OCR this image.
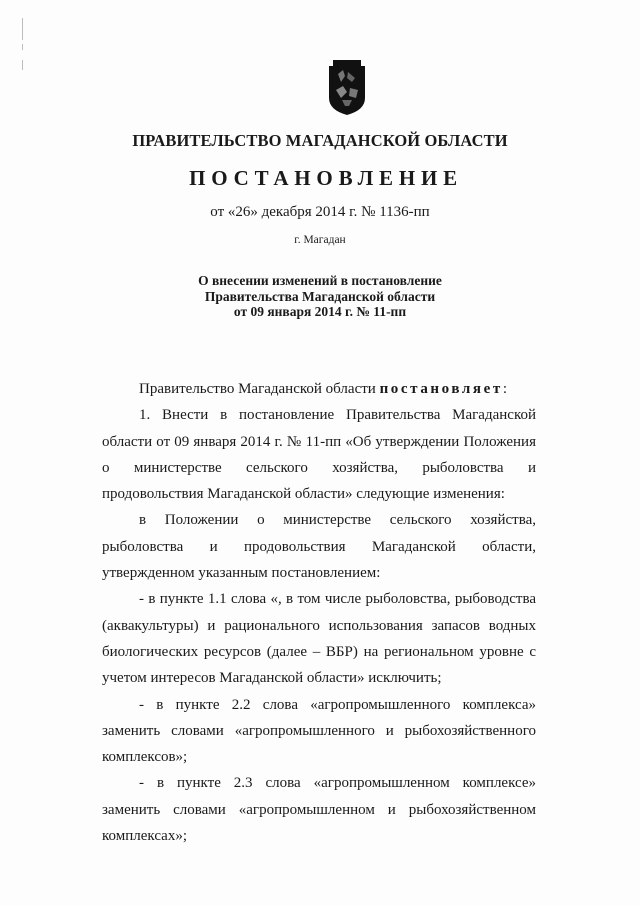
ПРАВИТЕЛЬСТВО МАГАДАНСКОЙ ОБЛАСТИ
ПОСТАНОВЛЕНИЕ
от «26» декабря 2014 г. № 1136-пп
г. Магадан
О внесении изменений в постановление
Правительства Магаданской области
от 09 января 2014 г. № 11-пп

Правительство Магаданской области постановляет:

1. Внести в постановление Правительства Магаданской области от 09 января 2014 г. № 11-пп «Об утверждении Положения о министерстве сельского хозяйства, рыболовства и продовольствия Магаданской области» следующие изменения:

в Положении о министерстве сельского хозяйства, рыболовства и продовольствия Магаданской области, утвержденном указанным постановлением:

- в пункте 1.1 слова «, в том числе рыболовства, рыбоводства (аквакультуры) и рационального использования запасов водных биологических ресурсов (далее – ВБР) на региональном уровне с учетом интересов Магаданской области» исключить;

- в пункте 2.2 слова «агропромышленного комплекса» заменить словами «агропромышленного и рыбохозяйственного комплексов»;

- в пункте 2.3 слова «агропромышленном комплексе» заменить словами «агропромышленном и рыбохозяйственном комплексах»;
